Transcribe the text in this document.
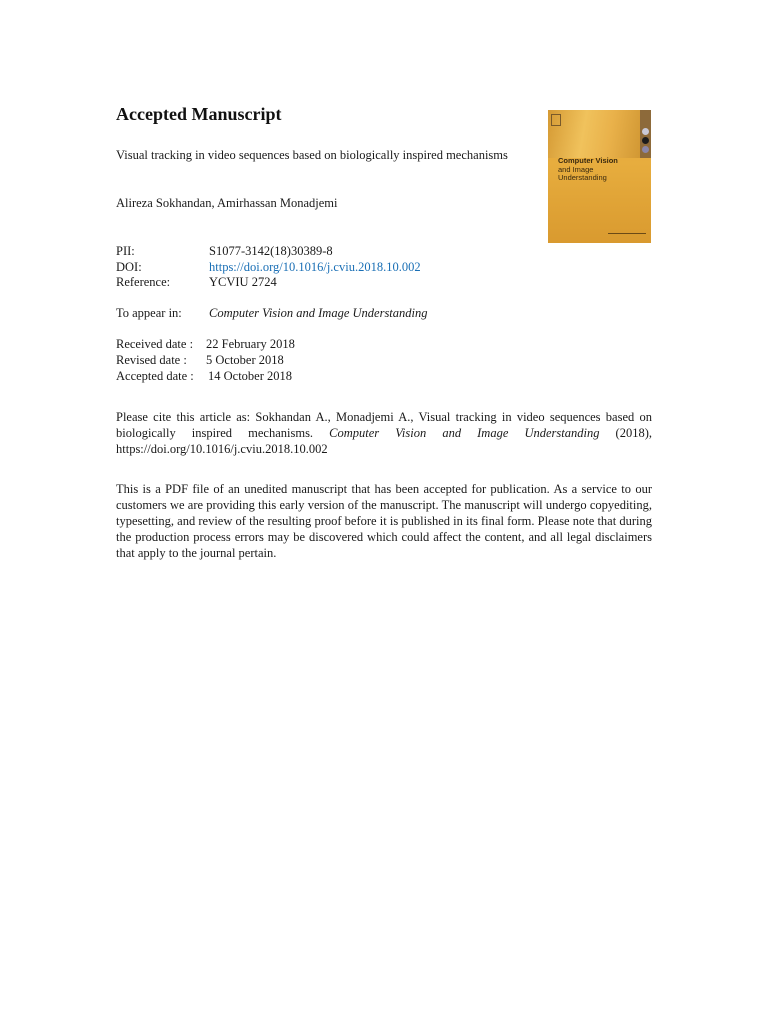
Accepted Manuscript
Visual tracking in video sequences based on biologically inspired mechanisms
Alireza Sokhandan, Amirhassan Monadjemi
PII:	S1077-3142(18)30389-8
DOI:	https://doi.org/10.1016/j.cviu.2018.10.002
Reference:	YCVIU 2724
To appear in:	Computer Vision and Image Understanding
Received date :	22 February 2018
Revised date :	5 October 2018
Accepted date :	14 October 2018
Please cite this article as: Sokhandan A., Monadjemi A., Visual tracking in video sequences based on biologically inspired mechanisms. Computer Vision and Image Understanding (2018), https://doi.org/10.1016/j.cviu.2018.10.002
This is a PDF file of an unedited manuscript that has been accepted for publication. As a service to our customers we are providing this early version of the manuscript. The manuscript will undergo copyediting, typesetting, and review of the resulting proof before it is published in its final form. Please note that during the production process errors may be discovered which could affect the content, and all legal disclaimers that apply to the journal pertain.
Computer Vision
and Image
Understanding
